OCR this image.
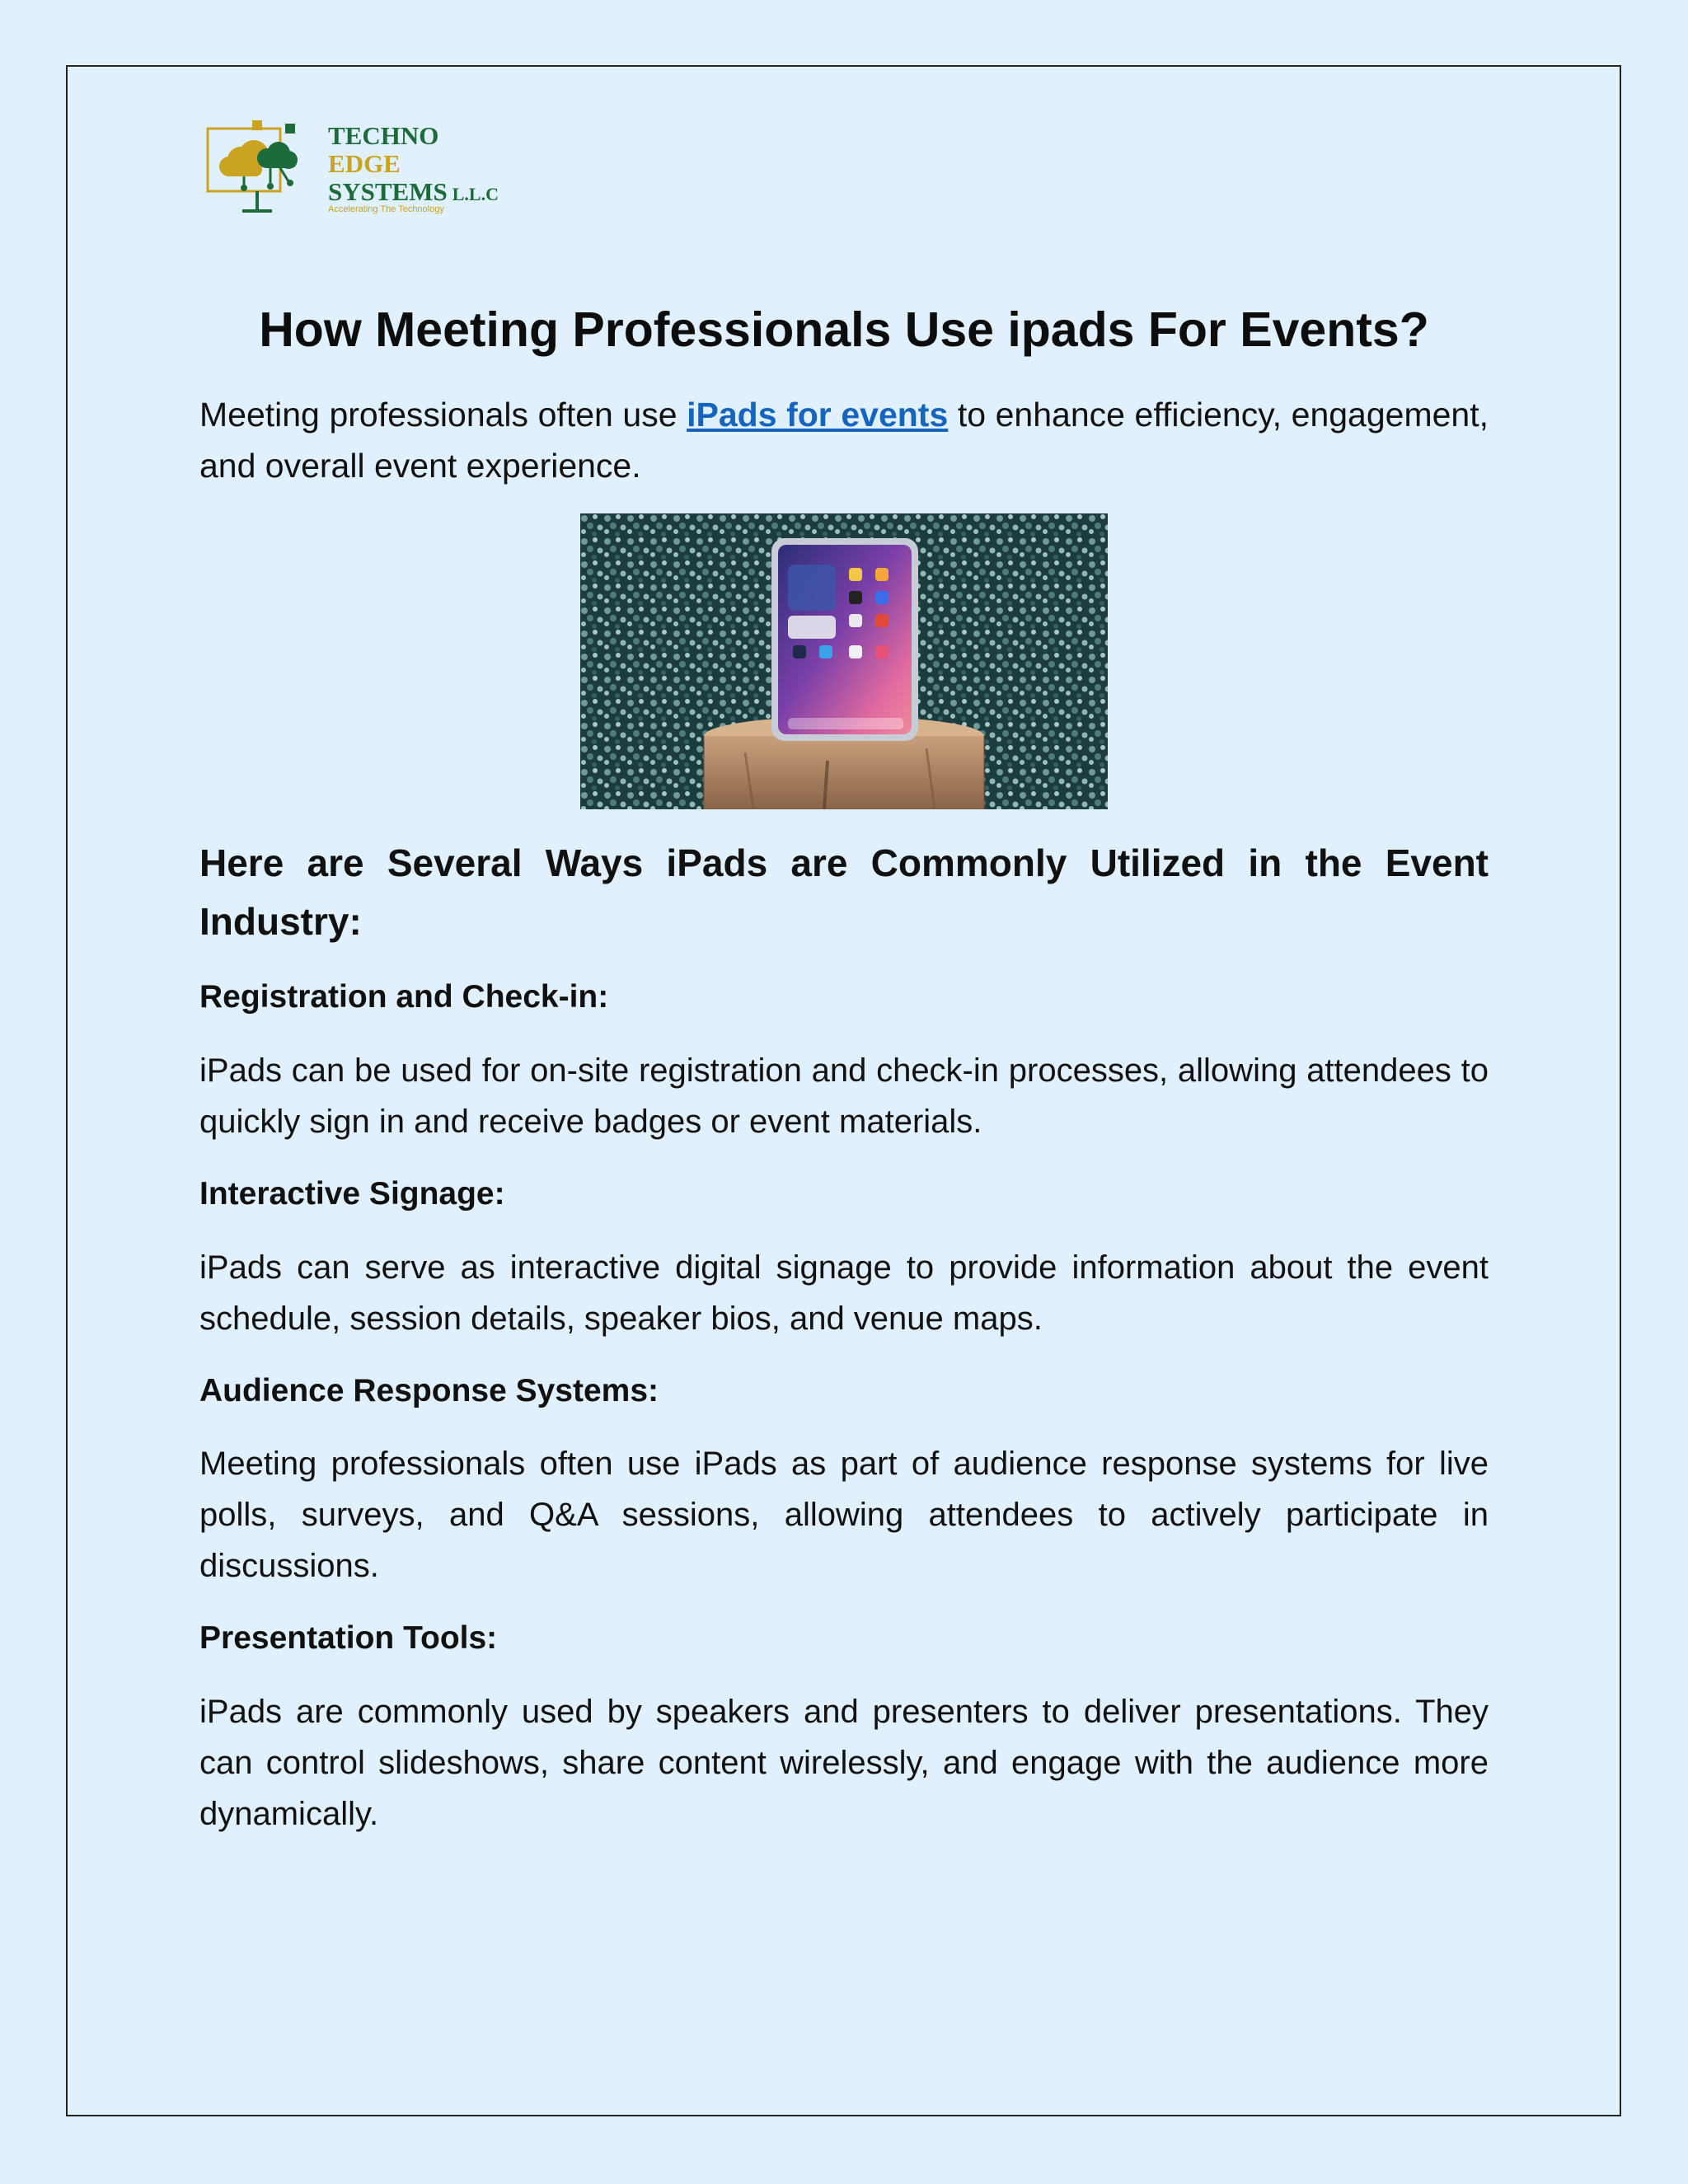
TECHNO
EDGE
SYSTEMS L.L.C
Accelerating The Technology
How Meeting Professionals Use ipads For Events?

Meeting professionals often use iPads for events to enhance efficiency, engagement, and overall event experience.

Here are Several Ways iPads are Commonly Utilized in the Event Industry:
Registration and Check-in:

iPads can be used for on-site registration and check-in processes, allowing attendees to quickly sign in and receive badges or event materials.

Interactive Signage:

iPads can serve as interactive digital signage to provide information about the event schedule, session details, speaker bios, and venue maps.

Audience Response Systems:

Meeting professionals often use iPads as part of audience response systems for live polls, surveys, and Q&A sessions, allowing attendees to actively participate in discussions.

Presentation Tools:

iPads are commonly used by speakers and presenters to deliver presentations. They can control slideshows, share content wirelessly, and engage with the audience more dynamically.
